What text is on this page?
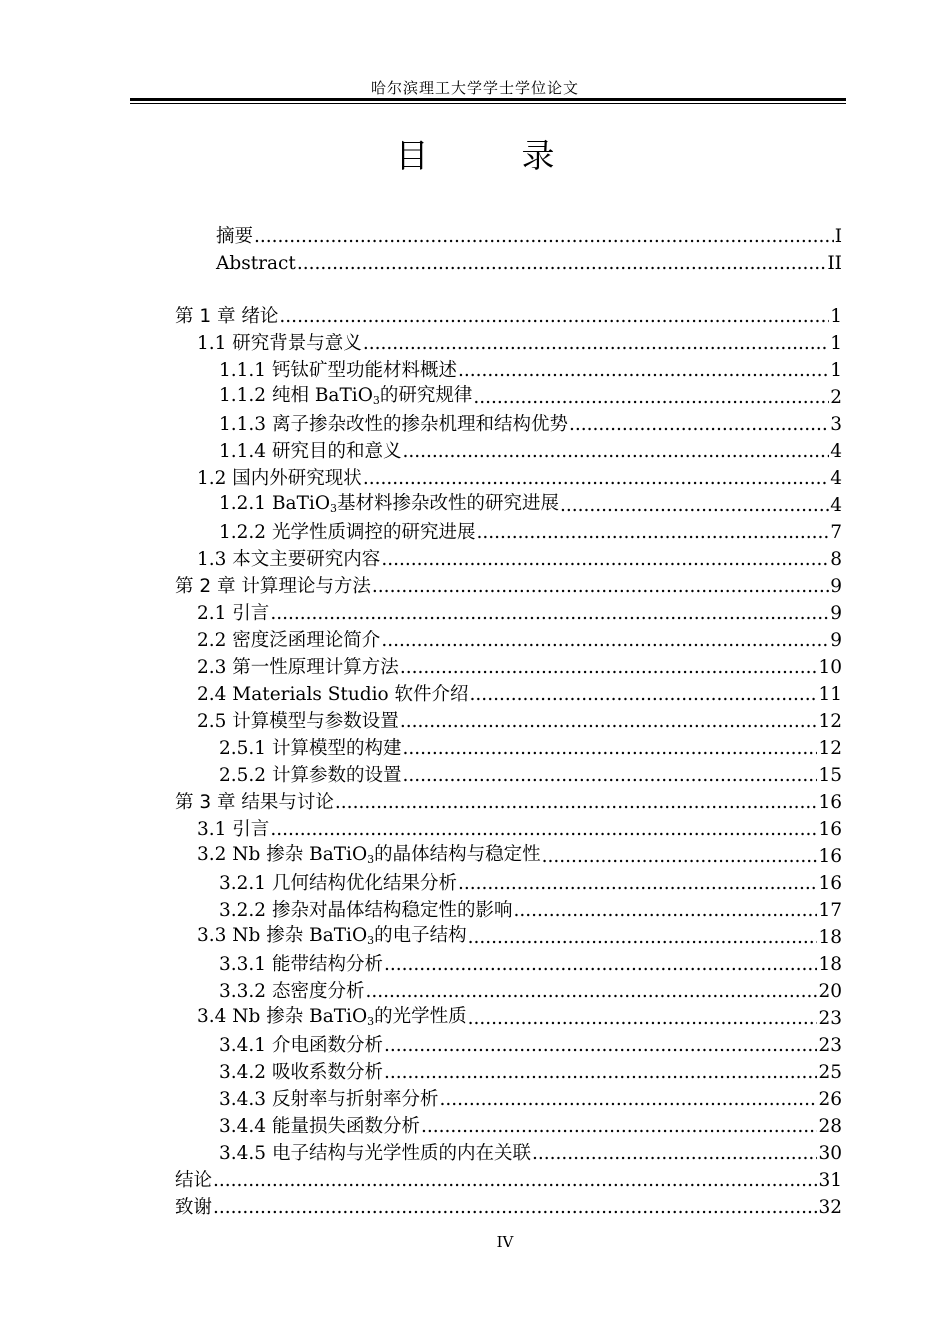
哈尔滨理工大学学士学位论文
目　录
摘要 .....	I
Abstract .....	II
第 1 章 绪论 .....	1
1.1 研究背景与意义 .....	1
1.1.1 钙钛矿型功能材料概述 .....	1
1.1.2 纯相 BaTiO$_3$的研究规律 .....	2
1.1.3 离子掺杂改性的掺杂机理和结构优势 .....	3
1.1.4 研究目的和意义 .....	4
1.2 国内外研究现状 .....	4
1.2.1 BaTiO$_3$基材料掺杂改性的研究进展 .....	4
1.2.2 光学性质调控的研究进展 .....	7
1.3 本文主要研究内容 .....	8
第 2 章 计算理论与方法 .....	9
2.1 引言 .....	9
2.2 密度泛函理论简介 .....	9
2.3 第一性原理计算方法 .....	10
2.4 Materials Studio 软件介绍 .....	11
2.5 计算模型与参数设置 .....	12
2.5.1 计算模型的构建 .....	12
2.5.2 计算参数的设置 .....	15
第 3 章 结果与讨论 .....	16
3.1 引言 .....	16
3.2 Nb 掺杂 BaTiO$_3$的晶体结构与稳定性 .....	16
3.2.1 几何结构优化结果分析 .....	16
3.2.2 掺杂对晶体结构稳定性的影响 .....	17
3.3 Nb 掺杂 BaTiO$_3$的电子结构 .....	18
3.3.1 能带结构分析 .....	18
3.3.2 态密度分析 .....	20
3.4 Nb 掺杂 BaTiO$_3$的光学性质 .....	23
3.4.1 介电函数分析 .....	23
3.4.2 吸收系数分析 .....	25
3.4.3 反射率与折射率分析 .....	26
3.4.4 能量损失函数分析 .....	28
3.4.5 电子结构与光学性质的内在关联 .....	30
结论 .....	31
致谢 .....	32
IV
